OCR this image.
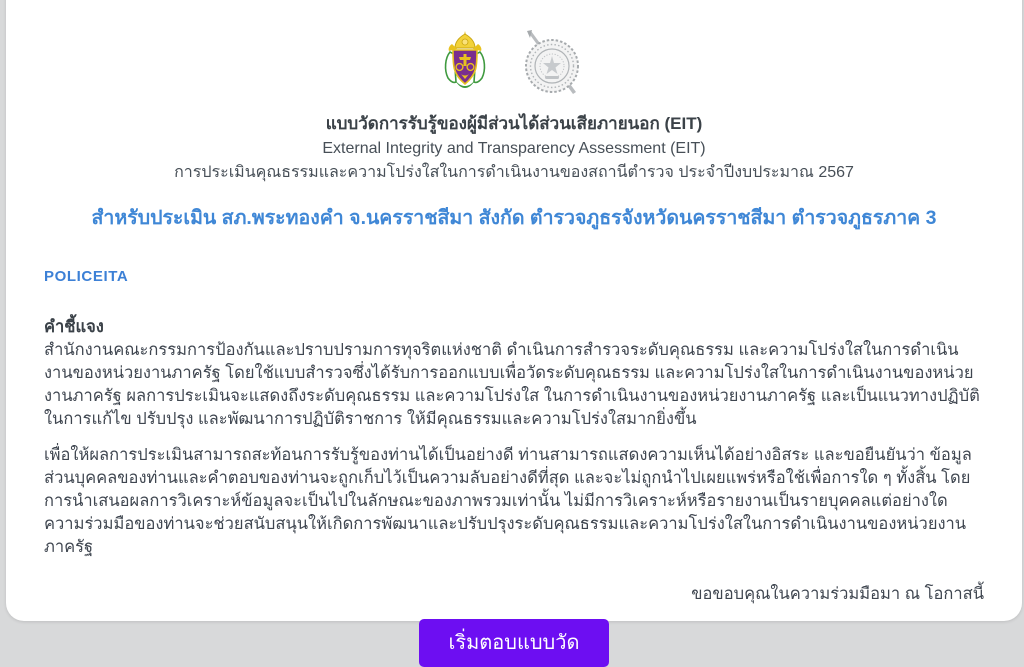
แบบวัดการรับรู้ของผู้มีส่วนได้ส่วนเสียภายนอก (EIT)
External Integrity and Transparency Assessment (EIT)
การประเมินคุณธรรมและความโปร่งใสในการดำเนินงานของสถานีตำรวจ ประจำปีงบประมาณ 2567
สำหรับประเมิน สภ.พระทองคำ จ.นครราชสีมา สังกัด ตำรวจภูธรจังหวัดนครราชสีมา ตำรวจภูธรภาค 3
POLICEITA
คำชี้แจง

สำนักงานคณะกรรมการป้องกันและปราบปรามการทุจริตแห่งชาติ ดำเนินการสำรวจระดับคุณธรรม และความโปร่งใสในการดำเนินงานของหน่วยงานภาครัฐ โดยใช้แบบสำรวจซึ่งได้รับการออกแบบเพื่อวัดระดับคุณธรรม และความโปร่งใสในการดำเนินงานของหน่วยงานภาครัฐ ผลการประเมินจะแสดงถึงระดับคุณธรรม และความโปร่งใส ในการดำเนินงานของหน่วยงานภาครัฐ และเป็นแนวทางปฏิบัติในการแก้ไข ปรับปรุง และพัฒนาการปฏิบัติราชการ ให้มีคุณธรรมและความโปร่งใสมากยิ่งขึ้น

เพื่อให้ผลการประเมินสามารถสะท้อนการรับรู้ของท่านได้เป็นอย่างดี ท่านสามารถแสดงความเห็นได้อย่างอิสระ และขอยืนยันว่า ข้อมูลส่วนบุคคลของท่านและคำตอบของท่านจะถูกเก็บไว้เป็นความลับอย่างดีที่สุด และจะไม่ถูกนำไปเผยแพร่หรือใช้เพื่อการใด ๆ ทั้งสิ้น โดยการนำเสนอผลการวิเคราะห์ข้อมูลจะเป็นไปในลักษณะของภาพรวมเท่านั้น ไม่มีการวิเคราะห์หรือรายงานเป็นรายบุคคลแต่อย่างใด ความร่วมมือของท่านจะช่วยสนับสนุนให้เกิดการพัฒนาและปรับปรุงระดับคุณธรรมและความโปร่งใสในการดำเนินงานของหน่วยงานภาครัฐ

ขอขอบคุณในความร่วมมือมา ณ โอกาสนี้
เริ่มตอบแบบวัด
